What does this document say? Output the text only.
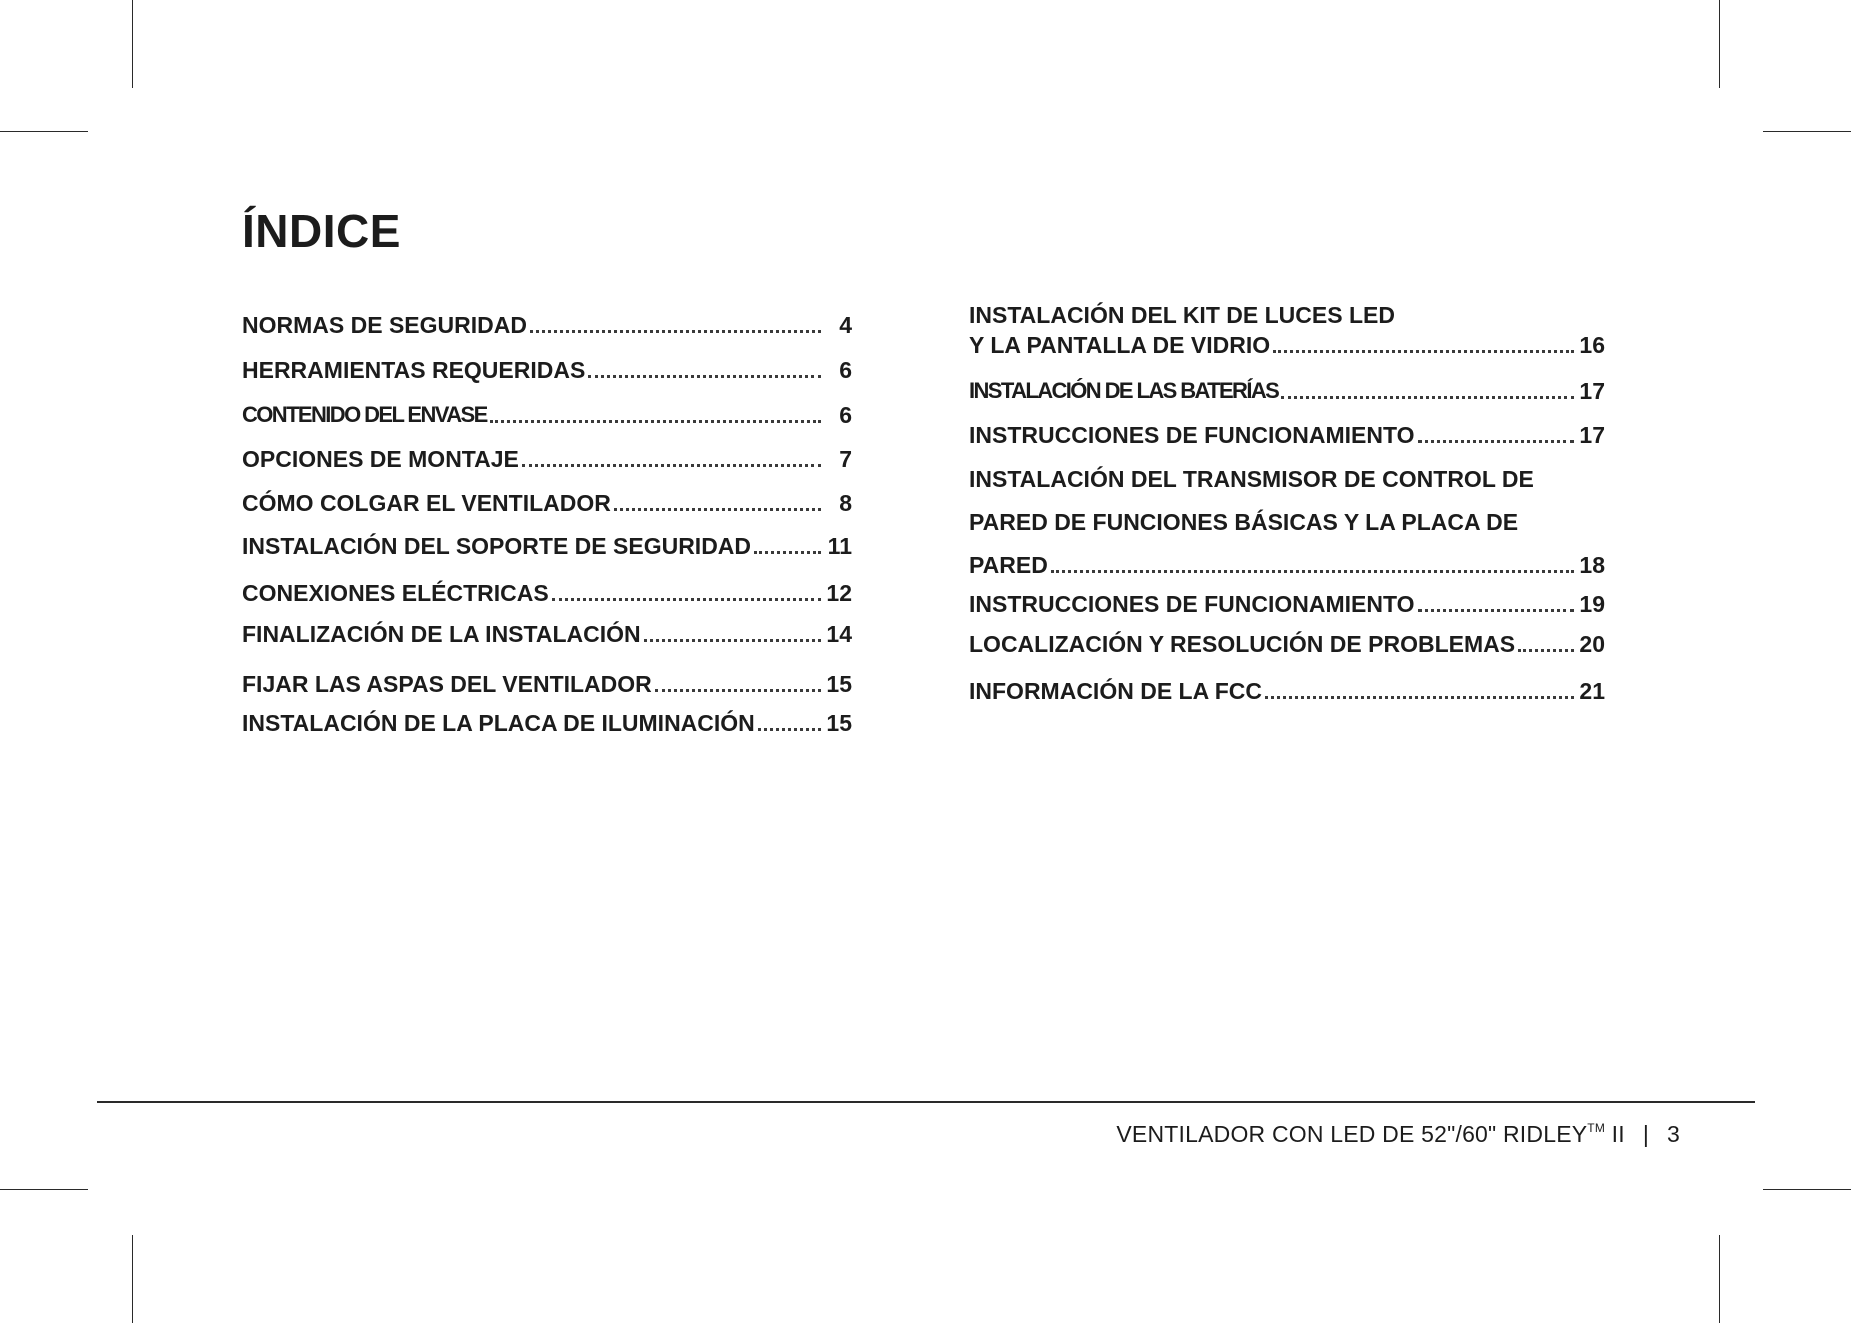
ÍNDICE
NORMAS DE SEGURIDAD	4
HERRAMIENTAS REQUERIDAS	6
CONTENIDO DEL ENVASE	6
OPCIONES DE MONTAJE	7
CÓMO COLGAR EL VENTILADOR	8
INSTALACIÓN DEL SOPORTE DE SEGURIDAD	11
CONEXIONES ELÉCTRICAS	12
FINALIZACIÓN DE LA INSTALACIÓN	14
FIJAR LAS ASPAS DEL VENTILADOR	15
INSTALACIÓN DE LA PLACA DE ILUMINACIÓN	15
INSTALACIÓN DEL KIT DE LUCES LED
Y LA PANTALLA DE VIDRIO	16
INSTALACIÓN DE LAS BATERÍAS	17
INSTRUCCIONES DE FUNCIONAMIENTO	17
INSTALACIÓN DEL TRANSMISOR DE CONTROL DE
PARED DE FUNCIONES BÁSICAS Y LA PLACA DE
PARED	18
INSTRUCCIONES DE FUNCIONAMIENTO	19
LOCALIZACIÓN Y RESOLUCIÓN DE PROBLEMAS	20
INFORMACIÓN DE LA FCC	21
VENTILADOR CON LED DE 52"/60" RIDLEY™ II | 3
